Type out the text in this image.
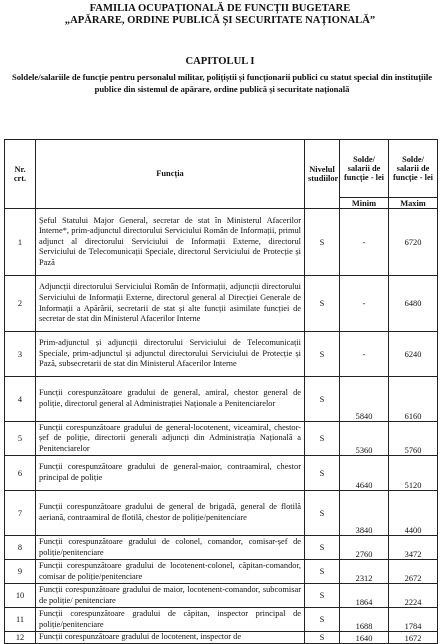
FAMILIA OCUPAȚIONALĂ DE FUNCȚII BUGETARE
„APĂRARE, ORDINE PUBLICĂ ȘI SECURITATE NAȚIONALĂ”
CAPITOLUL I
Soldele/salariile de funcție pentru personalul militar, polițiștii și funcționarii publici cu statut special din instituțiile publice din sistemul de apărare, ordine publică și securitate națională
Nr. crt.	Funcția	Nivelul studiilor	Solde/ salarii de funcție - lei	Solde/ salarii de funcție - lei
			Minim	Maxim
1	Șeful Statului Major General, secretar de stat în Ministerul Afacerilor Interne*, prim-adjunctul directorului Serviciului Român de Informații, primul adjunct al directorului Serviciului de Informații Externe, directorul Serviciului de Telecomunicații Speciale, directorul Serviciului de Protecție și Pază	S	-	6720
2	Adjuncții directorului Serviciului Român de Informații, adjuncții directorului Serviciului de Informații Externe, directorul general al Direcției Generale de Informații a Apărării, secretarii de stat și alte funcții asimilate funcției de secretar de stat din Ministerul Afacerilor Interne	S	-	6480
3	Prim-adjunctul și adjuncții directorului Serviciului de Telecomunicații Speciale, prim-adjunctul și adjunctul directorului Serviciului de Protecție și Pază, subsecretarii de stat din Ministerul Afacerilor Interne	S	-	6240
4	Funcții corespunzătoare gradului de general, amiral, chestor general de poliție, directorul general al Administrației Naționale a Penitenciarelor	S	5840	6160
5	Funcții corespunzătoare gradului de general-locotenent, viceamiral, chestor-șef de poliție, directorii generali adjuncți din Administrația Națională a Penitenciarelor	S	5360	5760
6	Funcții corespunzătoare gradului de general-maior, contraamiral, chestor principal de poliție	S	4640	5120
7	Funcții corespunzătoare gradului de general de brigadă, general de flotilă aeriană, contraamiral de flotilă, chestor de poliție/penitenciare	S	3840	4400
8	Funcții corespunzătoare gradului de colonel, comandor, comisar-șef de poliție/penitenciare	S	2760	3472
9	Funcții corespunzătoare gradului de locotenent-colonel, căpitan-comandor, comisar de poliție/penitenciare	S	2312	2672
10	Funcții corespunzătoare gradului de maior, locotenent-comandor, subcomisar de poliție/ penitenciare	S	1864	2224
11	Funcții corespunzătoare gradului de căpitan, inspector principal de poliție/penitenciare	S	1688	1784
12	Funcții corespunzătoare gradului de locotenent, inspector de	S	1640	1672
